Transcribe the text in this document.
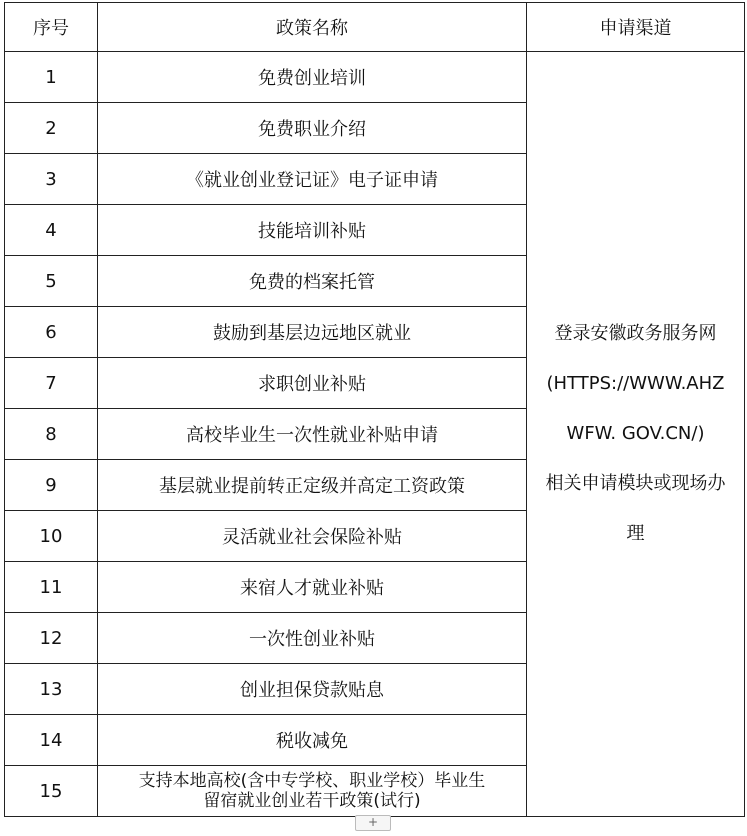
序号	政策名称	申请渠道
1	免费创业培训	登录安徽政务服务网
(HTTPS://WWW.AHZ
WFW. GOV.CN/)
相关申请模块或现场办
理

2	免费职业介绍	
3	《就业创业登记证》电子证申请	
4	技能培训补贴	
5	免费的档案托管	
6	鼓励到基层边远地区就业	
7	求职创业补贴	
8	高校毕业生一次性就业补贴申请	
9	基层就业提前转正定级并高定工资政策	
10	灵活就业社会保险补贴	
11	来宿人才就业补贴	
12	一次性创业补贴	
13	创业担保贷款贴息	
14	税收减免	
15	支持本地高校(含中专学校、职业学校）毕业生
留宿就业创业若干政策(试行)	
+
